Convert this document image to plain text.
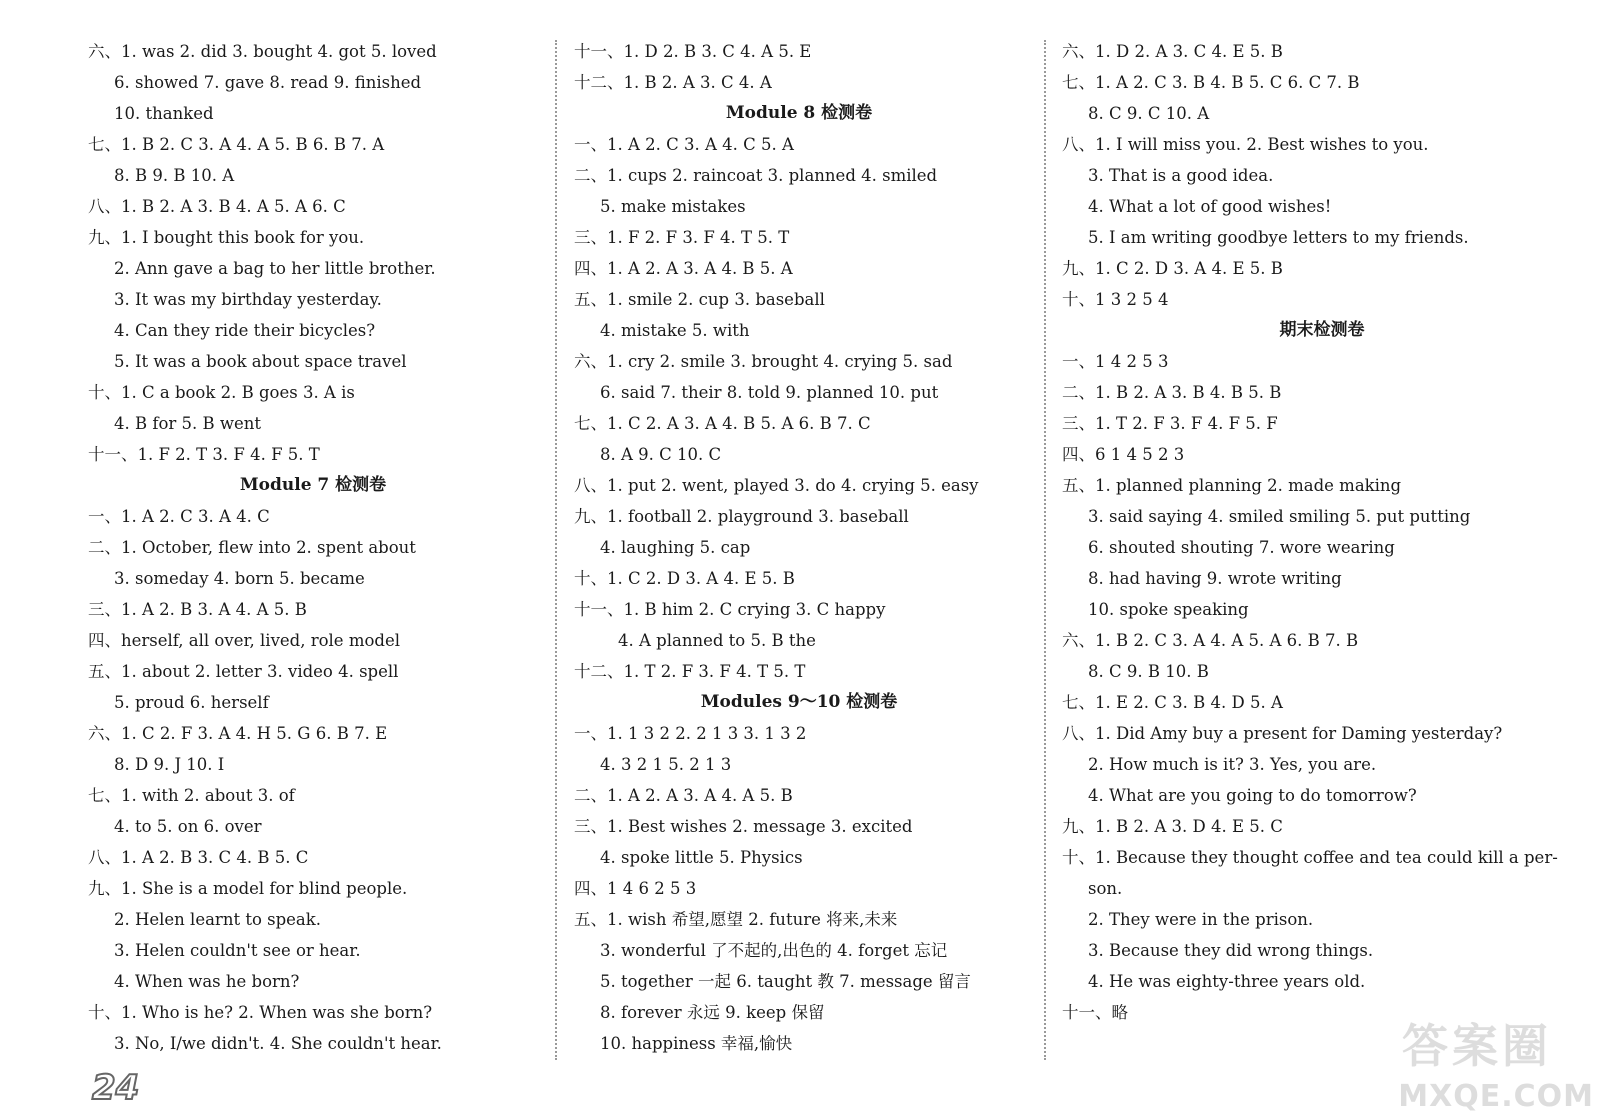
六、1. was 2. did 3. bought 4. got 5. loved
6. showed 7. gave 8. read 9. finished
10. thanked
七、1. B 2. C 3. A 4. A 5. B 6. B 7. A
8. B 9. B 10. A
八、1. B 2. A 3. B 4. A 5. A 6. C
九、1. I bought this book for you.
2. Ann gave a bag to her little brother.
3. It was my birthday yesterday.
4. Can they ride their bicycles?
5. It was a book about space travel
十、1. C a book 2. B goes 3. A is
4. B for 5. B went
十一、1. F 2. T 3. F 4. F 5. T
Module 7 检测卷
一、1. A 2. C 3. A 4. C
二、1. October, flew into 2. spent about
3. someday 4. born 5. became
三、1. A 2. B 3. A 4. A 5. B
四、herself, all over, lived, role model
五、1. about 2. letter 3. video 4. spell
5. proud 6. herself
六、1. C 2. F 3. A 4. H 5. G 6. B 7. E
8. D 9. J 10. I
七、1. with 2. about 3. of
4. to 5. on 6. over
八、1. A 2. B 3. C 4. B 5. C
九、1. She is a model for blind people.
2. Helen learnt to speak.
3. Helen couldn't see or hear.
4. When was he born?
十、1. Who is he? 2. When was she born?
3. No, I/we didn't. 4. She couldn't hear.
十一、1. D 2. B 3. C 4. A 5. E
十二、1. B 2. A 3. C 4. A
Module 8 检测卷
一、1. A 2. C 3. A 4. C 5. A
二、1. cups 2. raincoat 3. planned 4. smiled
5. make mistakes
三、1. F 2. F 3. F 4. T 5. T
四、1. A 2. A 3. A 4. B 5. A
五、1. smile 2. cup 3. baseball
4. mistake 5. with
六、1. cry 2. smile 3. brought 4. crying 5. sad
6. said 7. their 8. told 9. planned 10. put
七、1. C 2. A 3. A 4. B 5. A 6. B 7. C
8. A 9. C 10. C
八、1. put 2. went, played 3. do 4. crying 5. easy
九、1. football 2. playground 3. baseball
4. laughing 5. cap
十、1. C 2. D 3. A 4. E 5. B
十一、1. B him 2. C crying 3. C happy
4. A planned to 5. B the
十二、1. T 2. F 3. F 4. T 5. T
Modules 9～10 检测卷
一、1. 1 3 2 2. 2 1 3 3. 1 3 2
4. 3 2 1 5. 2 1 3
二、1. A 2. A 3. A 4. A 5. B
三、1. Best wishes 2. message 3. excited
4. spoke little 5. Physics
四、1 4 6 2 5 3
五、1. wish 希望,愿望 2. future 将来,未来
3. wonderful 了不起的,出色的 4. forget 忘记
5. together 一起 6. taught 教 7. message 留言
8. forever 永远 9. keep 保留
10. happiness 幸福,愉快
六、1. D 2. A 3. C 4. E 5. B
七、1. A 2. C 3. B 4. B 5. C 6. C 7. B
8. C 9. C 10. A
八、1. I will miss you. 2. Best wishes to you.
3. That is a good idea.
4. What a lot of good wishes!
5. I am writing goodbye letters to my friends.
九、1. C 2. D 3. A 4. E 5. B
十、1 3 2 5 4
期末检测卷
一、1 4 2 5 3
二、1. B 2. A 3. B 4. B 5. B
三、1. T 2. F 3. F 4. F 5. F
四、6 1 4 5 2 3
五、1. planned planning 2. made making
3. said saying 4. smiled smiling 5. put putting
6. shouted shouting 7. wore wearing
8. had having 9. wrote writing
10. spoke speaking
六、1. B 2. C 3. A 4. A 5. A 6. B 7. B
8. C 9. B 10. B
七、1. E 2. C 3. B 4. D 5. A
八、1. Did Amy buy a present for Daming yesterday?
2. How much is it? 3. Yes, you are.
4. What are you going to do tomorrow?
九、1. B 2. A 3. D 4. E 5. C
十、1. Because they thought coffee and tea could kill a per-
son.
2. They were in the prison.
3. Because they did wrong things.
4. He was eighty-three years old.
十一、略
24
答案圈
MXQE.COM
